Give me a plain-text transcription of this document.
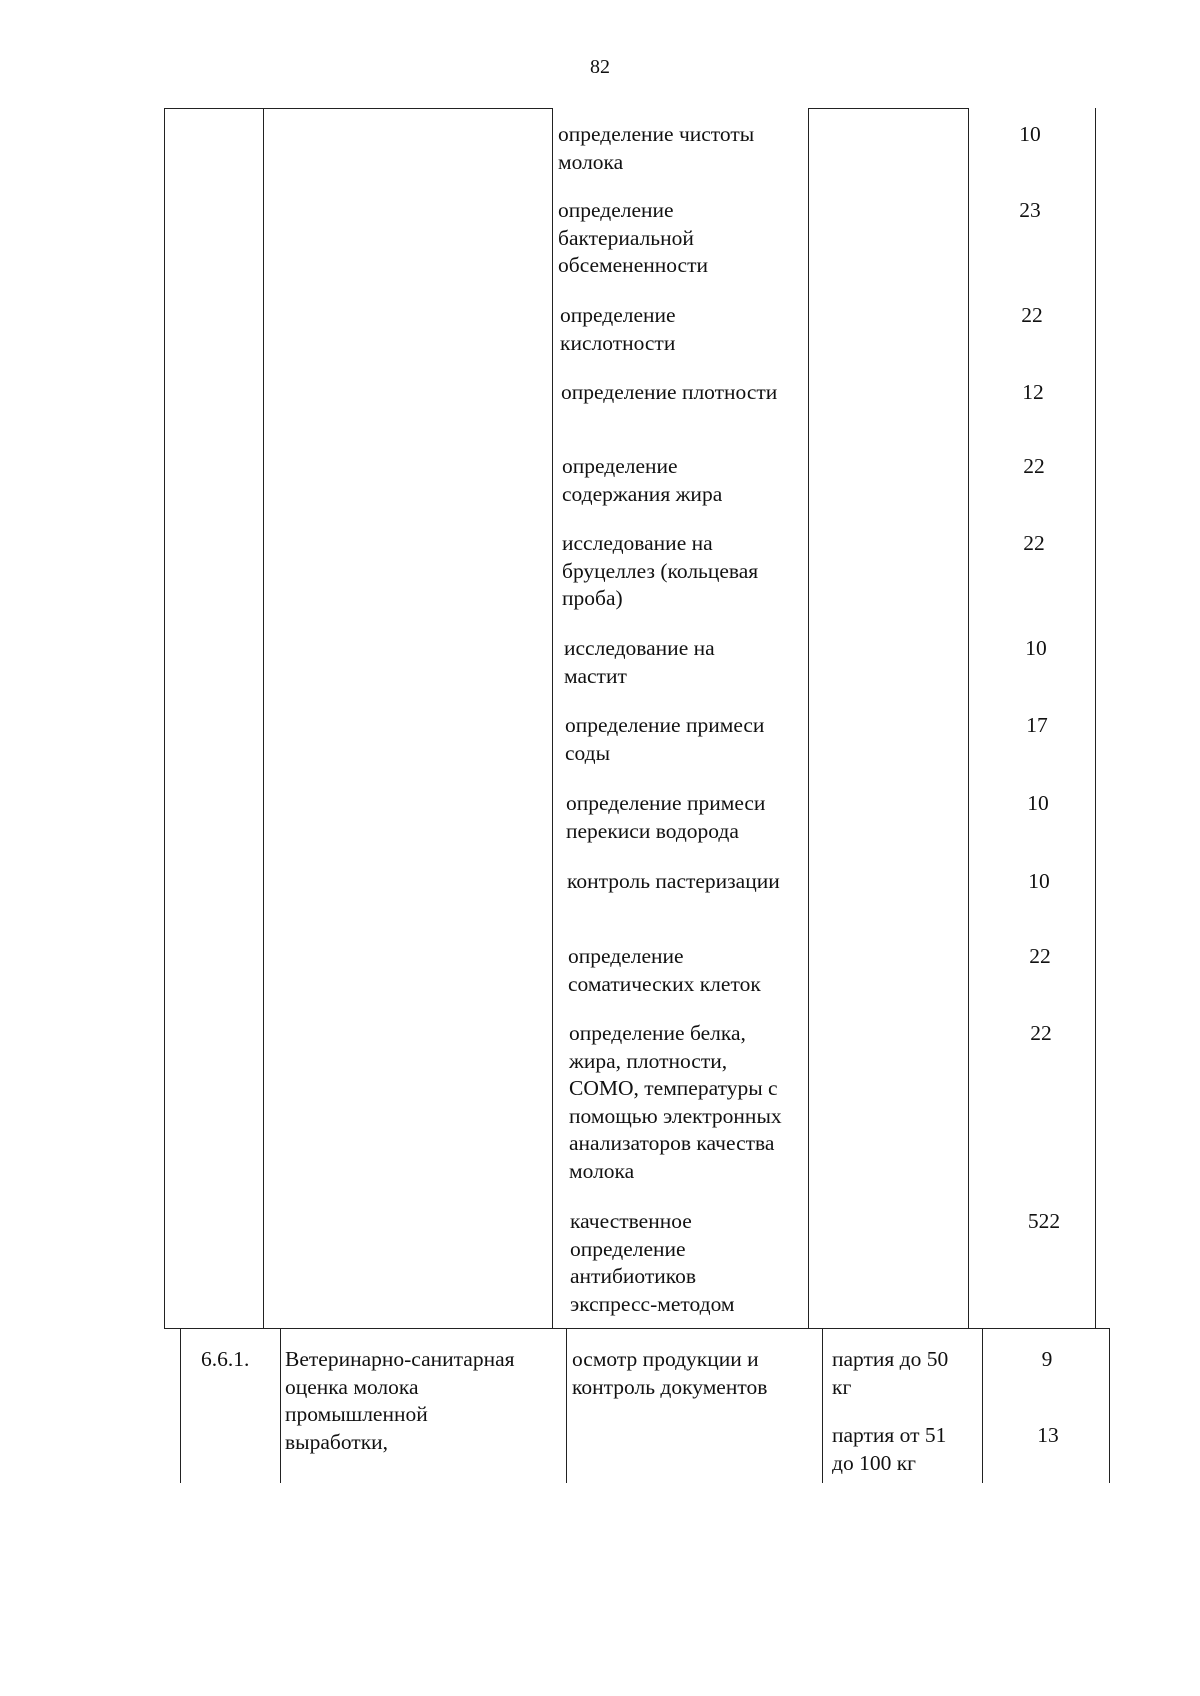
82
определение чистоты
молока
10
определение
бактериальной
обсемененности
23
определение
кислотности
22
определение плотности	12
определение
содержания жира
22
исследование на
бруцеллез (кольцевая
проба)
22
исследование на
мастит
10
определение примеси
соды
17
определение примеси
перекиси водорода
10
контроль пастеризации	10
определение
соматических клеток
22
определение белка,
жира, плотности,
СОМО, температуры с
помощью электронных
анализаторов качества
молока
22
качественное
определение
антибиотиков
экспресс-методом
522
6.6.1. Ветеринарно-санитарная
оценка молока
промышленной
выработки,
осмотр продукции и
контроль документов
партия до 50
кг
9
партия от 51
до 100 кг
13
